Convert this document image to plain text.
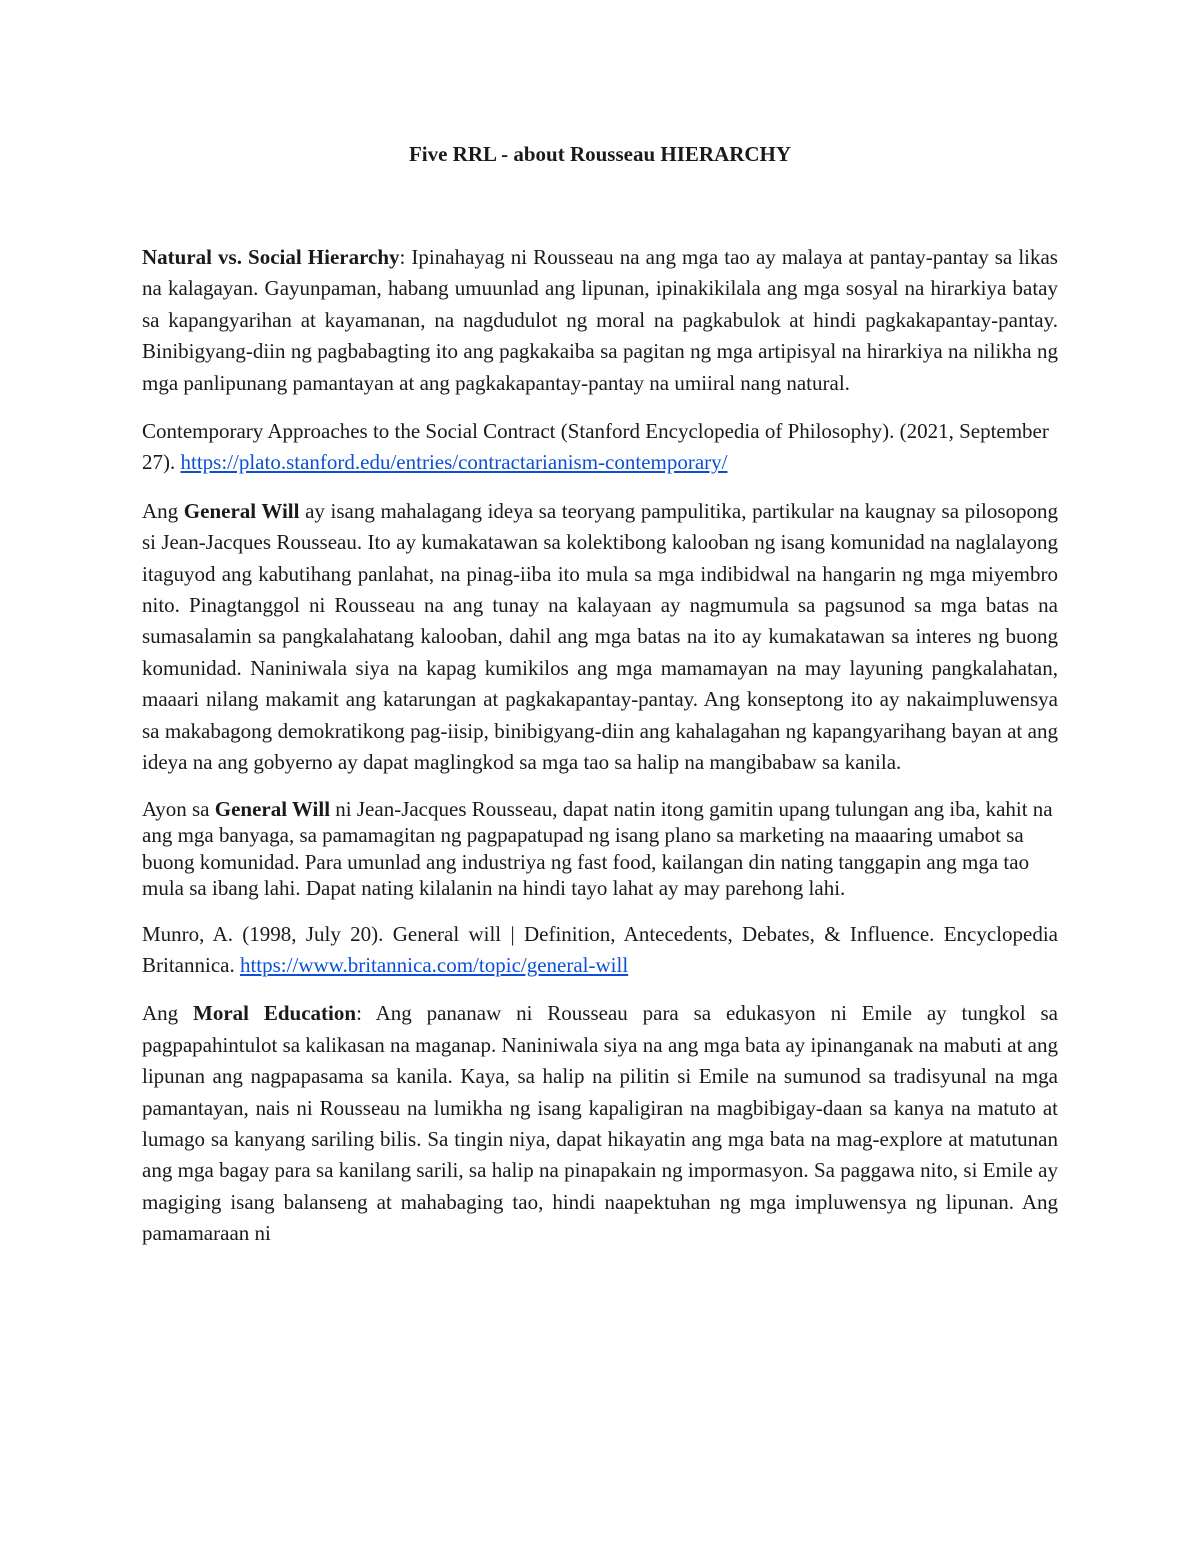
Five RRL - about Rousseau HIERARCHY

Natural vs. Social Hierarchy: Ipinahayag ni Rousseau na ang mga tao ay malaya at pantay-pantay sa likas na kalagayan. Gayunpaman, habang umuunlad ang lipunan, ipinakikilala ang mga sosyal na hirarkiya batay sa kapangyarihan at kayamanan, na nagdudulot ng moral na pagkabulok at hindi pagkakapantay-pantay. Binibigyang-diin ng pagbabagting ito ang pagkakaiba sa pagitan ng mga artipisyal na hirarkiya na nilikha ng mga panlipunang pamantayan at ang pagkakapantay-pantay na umiiral nang natural.

Contemporary Approaches to the Social Contract (Stanford Encyclopedia of Philosophy). (2021, September 27). https://plato.stanford.edu/entries/contractarianism-contemporary/

Ang General Will ay isang mahalagang ideya sa teoryang pampulitika, partikular na kaugnay sa pilosopong si Jean-Jacques Rousseau. Ito ay kumakatawan sa kolektibong kalooban ng isang komunidad na naglalayong itaguyod ang kabutihang panlahat, na pinag-iiba ito mula sa mga indibidwal na hangarin ng mga miyembro nito. Pinagtanggol ni Rousseau na ang tunay na kalayaan ay nagmumula sa pagsunod sa mga batas na sumasalamin sa pangkalahatang kalooban, dahil ang mga batas na ito ay kumakatawan sa interes ng buong komunidad. Naniniwala siya na kapag kumikilos ang mga mamamayan na may layuning pangkalahatan, maaari nilang makamit ang katarungan at pagkakapantay-pantay. Ang konseptong ito ay nakaimpluwensya sa makabagong demokratikong pag-iisip, binibigyang-diin ang kahalagahan ng kapangyarihang bayan at ang ideya na ang gobyerno ay dapat maglingkod sa mga tao sa halip na mangibabaw sa kanila.

Ayon sa General Will ni Jean-Jacques Rousseau, dapat natin itong gamitin upang tulungan ang iba, kahit na ang mga banyaga, sa pamamagitan ng pagpapatupad ng isang plano sa marketing na maaaring umabot sa buong komunidad. Para umunlad ang industriya ng fast food, kailangan din nating tanggapin ang mga tao mula sa ibang lahi. Dapat nating kilalanin na hindi tayo lahat ay may parehong lahi.

Munro, A. (1998, July 20). General will | Definition, Antecedents, Debates, & Influence. Encyclopedia Britannica. https://www.britannica.com/topic/general-will

Ang Moral Education: Ang pananaw ni Rousseau para sa edukasyon ni Emile ay tungkol sa pagpapahintulot sa kalikasan na maganap. Naniniwala siya na ang mga bata ay ipinanganak na mabuti at ang lipunan ang nagpapasama sa kanila. Kaya, sa halip na pilitin si Emile na sumunod sa tradisyunal na mga pamantayan, nais ni Rousseau na lumikha ng isang kapaligiran na magbibigay-daan sa kanya na matuto at lumago sa kanyang sariling bilis. Sa tingin niya, dapat hikayatin ang mga bata na mag-explore at matutunan ang mga bagay para sa kanilang sarili, sa halip na pinapakain ng impormasyon. Sa paggawa nito, si Emile ay magiging isang balanseng at mahabaging tao, hindi naapektuhan ng mga impluwensya ng lipunan. Ang pamamaraan ni
